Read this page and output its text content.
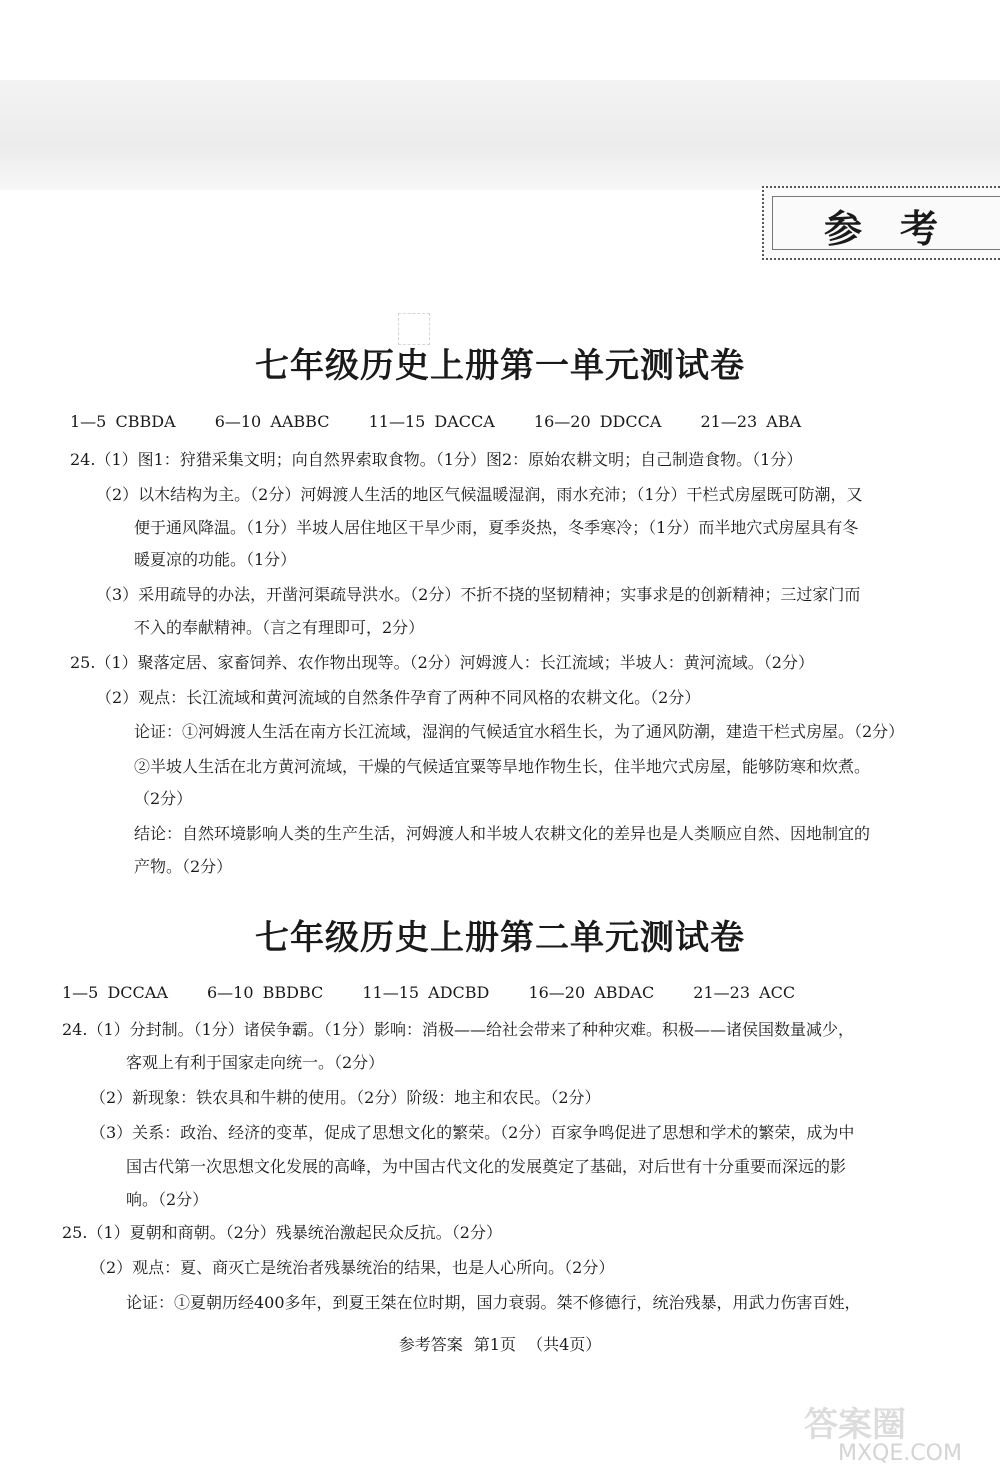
参考
七年级历史上册第一单元测试卷
1—5 CBBDA 6—10 AABBC 11—15 DACCA 16—20 DDCCA 21—23 ABA
24.（1）图1：狩猎采集文明；向自然界索取食物。（1分）图2：原始农耕文明；自己制造食物。（1分）
（2）以木结构为主。（2分）河姆渡人生活的地区气候温暖湿润，雨水充沛；（1分）干栏式房屋既可防潮，又
便于通风降温。（1分）半坡人居住地区干旱少雨，夏季炎热，冬季寒冷；（1分）而半地穴式房屋具有冬
暖夏凉的功能。（1分）
（3）采用疏导的办法，开凿河渠疏导洪水。（2分）不折不挠的坚韧精神；实事求是的创新精神；三过家门而
不入的奉献精神。（言之有理即可，2分）
25.（1）聚落定居、家畜饲养、农作物出现等。（2分）河姆渡人：长江流域；半坡人：黄河流域。（2分）
（2）观点：长江流域和黄河流域的自然条件孕育了两种不同风格的农耕文化。（2分）
论证：①河姆渡人生活在南方长江流域，湿润的气候适宜水稻生长，为了通风防潮，建造干栏式房屋。（2分）
②半坡人生活在北方黄河流域，干燥的气候适宜粟等旱地作物生长，住半地穴式房屋，能够防寒和炊煮。
（2分）
结论：自然环境影响人类的生产生活，河姆渡人和半坡人农耕文化的差异也是人类顺应自然、因地制宜的
产物。（2分）
七年级历史上册第二单元测试卷
1—5 DCCAA 6—10 BBDBC 11—15 ADCBD 16—20 ABDAC 21—23 ACC
24.（1）分封制。（1分）诸侯争霸。（1分）影响：消极——给社会带来了种种灾难。积极——诸侯国数量减少，
客观上有利于国家走向统一。（2分）
（2）新现象：铁农具和牛耕的使用。（2分）阶级：地主和农民。（2分）
（3）关系：政治、经济的变革，促成了思想文化的繁荣。（2分）百家争鸣促进了思想和学术的繁荣，成为中
国古代第一次思想文化发展的高峰，为中国古代文化的发展奠定了基础，对后世有十分重要而深远的影
响。（2分）
25.（1）夏朝和商朝。（2分）残暴统治激起民众反抗。（2分）
（2）观点：夏、商灭亡是统治者残暴统治的结果，也是人心所向。（2分）
论证：①夏朝历经400多年，到夏王桀在位时期，国力衰弱。桀不修德行，统治残暴，用武力伤害百姓，
参考答案 第1页 （共4页）
答案圈
MXQE.COM
